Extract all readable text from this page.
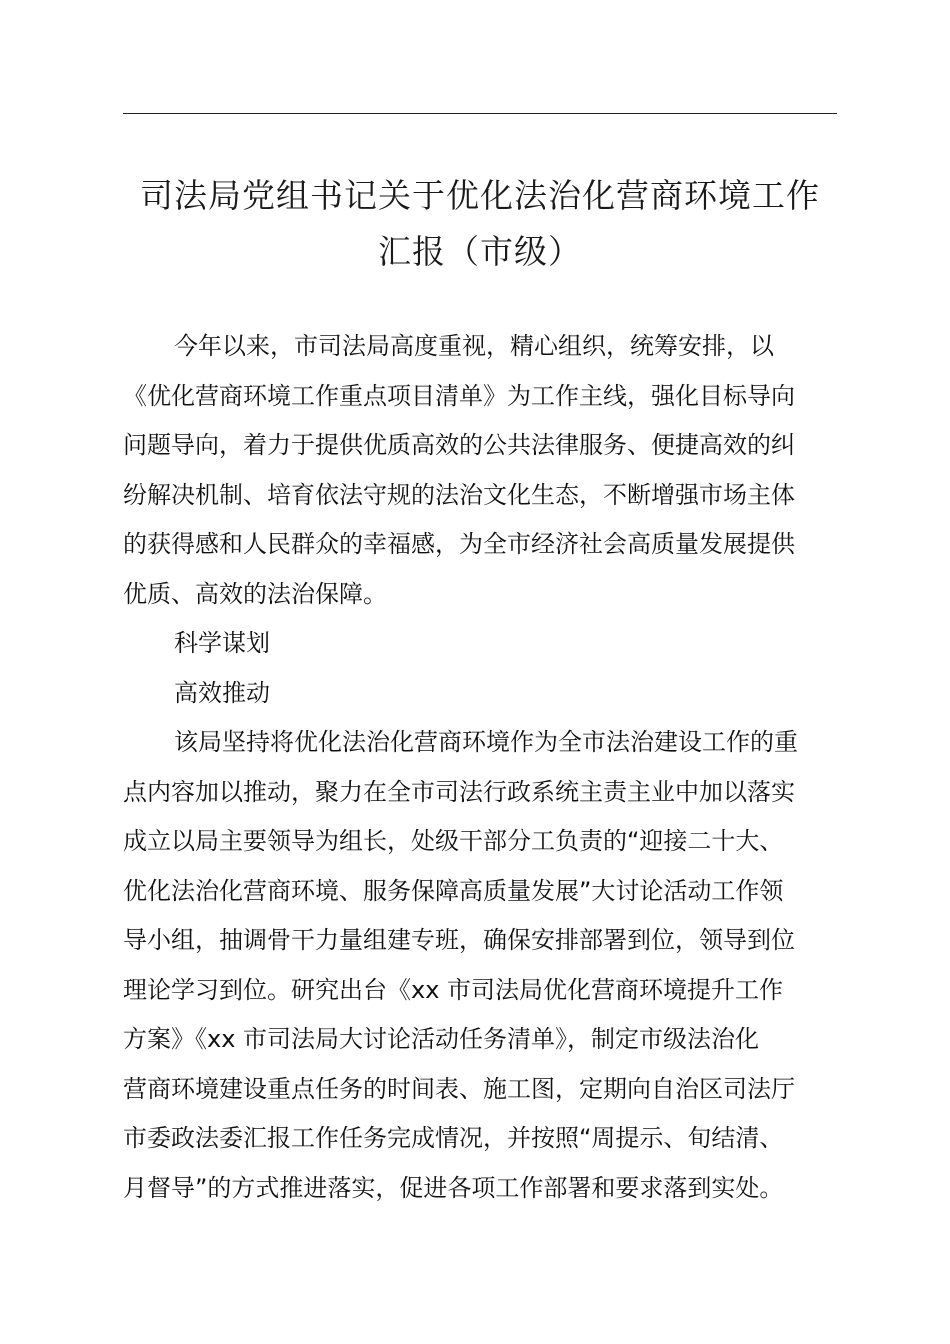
司法局党组书记关于优化法治化营商环境工作
汇报（市级）

今年以来，市司法局高度重视，精心组织，统筹安排，以
《优化营商环境工作重点项目清单》为工作主线，强化目标导向
问题导向，着力于提供优质高效的公共法律服务、便捷高效的纠
纷解决机制、培育依法守规的法治文化生态，不断增强市场主体
的获得感和人民群众的幸福感，为全市经济社会高质量发展提供
优质、高效的法治保障。

科学谋划

高效推动

该局坚持将优化法治化营商环境作为全市法治建设工作的重
点内容加以推动，聚力在全市司法行政系统主责主业中加以落实
成立以局主要领导为组长，处级干部分工负责的“迎接二十大、
优化法治化营商环境、服务保障高质量发展”大讨论活动工作领
导小组，抽调骨干力量组建专班，确保安排部署到位，领导到位
理论学习到位。研究出台《xx 市司法局优化营商环境提升工作
方案》《xx 市司法局大讨论活动任务清单》，制定市级法治化
营商环境建设重点任务的时间表、施工图，定期向自治区司法厅
市委政法委汇报工作任务完成情况，并按照“周提示、旬结清、
月督导”的方式推进落实，促进各项工作部署和要求落到实处。
